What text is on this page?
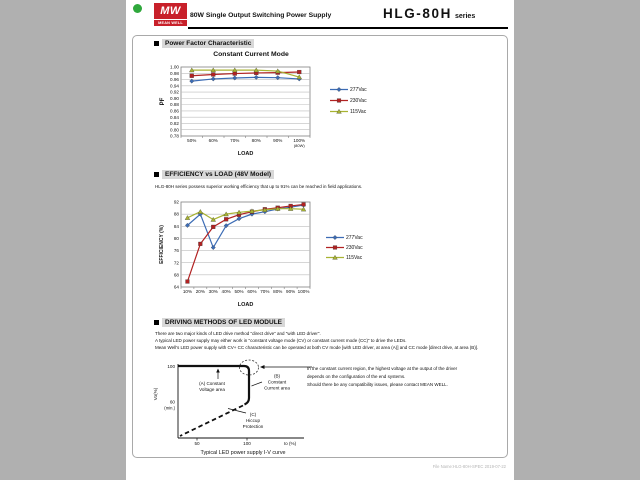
MW
MEAN WELL
80W Single Output Switching Power Supply	HLG-80H series
Power Factor Characteristic
Constant Current Mode
1.00
0.98
0.96
0.94
0.92
0.90
0.88
0.86
0.84
0.82
0.80
0.78
50%	60%	70%	80%	90% 100%
(80W)
LOAD
PF
277Vac
230Vac
115Vac
EFFICIENCY vs LOAD (48V Model)
HLG-80H series possess superior working efficiency that up to 91% can be reached in field applications.
92
88
84
80
76
72
68
64
10% 20% 30% 40% 50% 60% 70% 80% 90% 100%
LOAD
EFFICIENCY (%)	277Vac
230Vac
115Vac
DRIVING METHODS OF LED MODULE
There are two major kinds of LED drive method "direct drive" and "with LED driver".
A typical LED power supply may either work in "constant voltage mode (CV) or constant current mode (CC)" to drive the LEDs.
Mean Well's LED power supply with CV+ CC characteristic can be operated at both CV mode [with LED driver, at area (A)] and CC mode [direct drive, at area (B)].
100
60
(min.)
Vo(%)
50	100	Io (%)
(A) Constant
Voltage area
(B)
Constant
Current area
(C)
Hiccup
Protection
Typical LED power supply I-V curve
In the constant current region, the highest voltage at the output of the driver
depends on the configuration of the end systems.
Should there be any compatibility issues, please contact MEAN WELL.
File Name:HLG-80H-SPEC 2019-07-22
